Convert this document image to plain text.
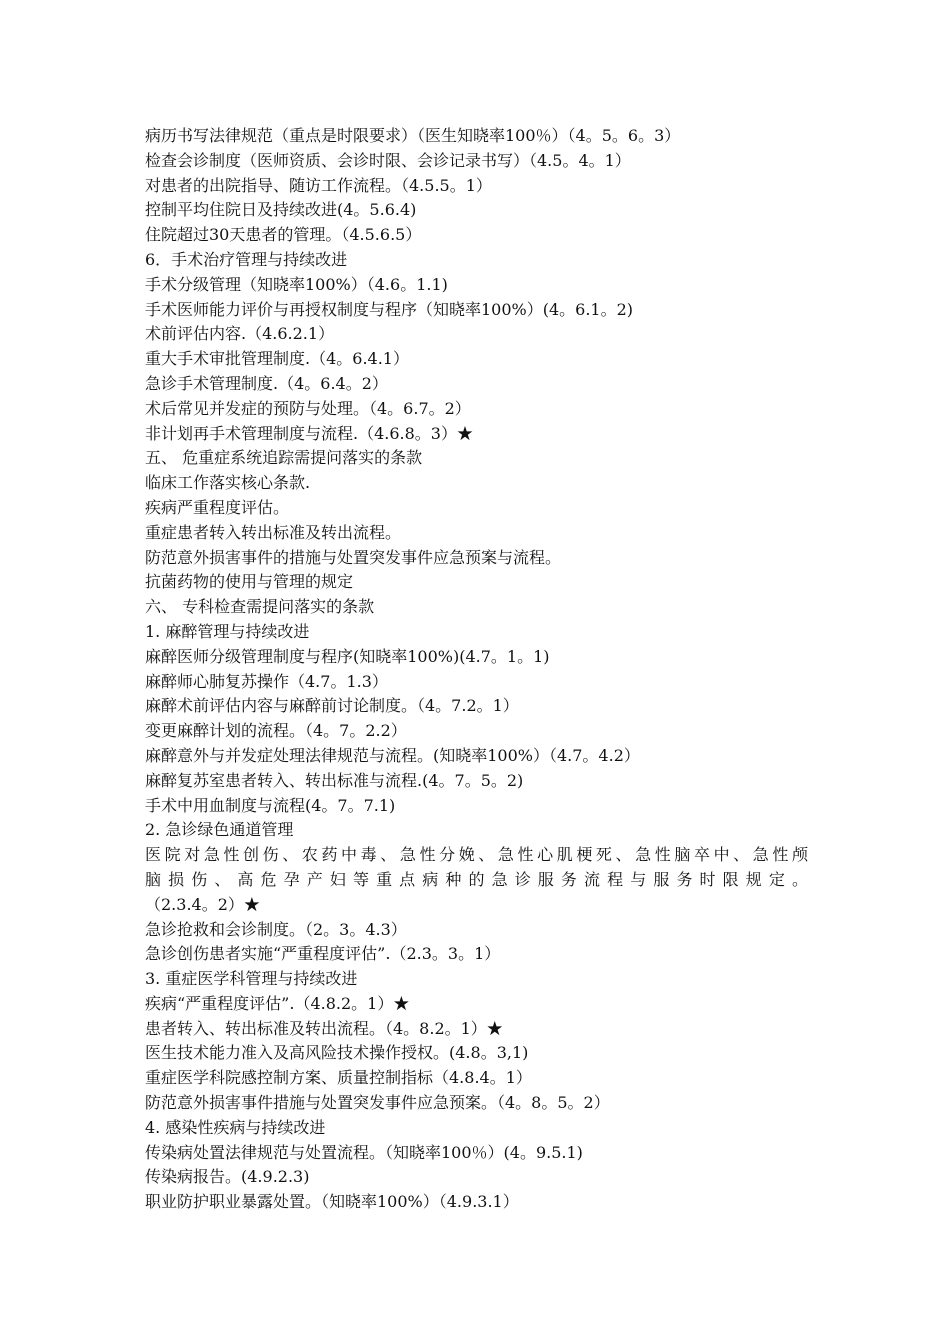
病历书写法律规范（重点是时限要求）（医生知晓率100％）（4。5。6。3）
检查会诊制度（医师资质、会诊时限、会诊记录书写）（4.5。4。1）
对患者的出院指导、随访工作流程。（4.5.5。1）
控制平均住院日及持续改进(4。5.6.4)
住院超过30天患者的管理。（4.5.6.5）
6．手术治疗管理与持续改进
手术分级管理（知晓率100%）（4.6。1.1)
手术医师能力评价与再授权制度与程序（知晓率100%）(4。6.1。2)
术前评估内容.（4.6.2.1）
重大手术审批管理制度.（4。6.4.1）
急诊手术管理制度.（4。6.4。2）
术后常见并发症的预防与处理。（4。6.7。2）
非计划再手术管理制度与流程.（4.6.8。3）★
五、 危重症系统追踪需提问落实的条款
临床工作落实核心条款.
疾病严重程度评估。
重症患者转入转出标准及转出流程。
防范意外损害事件的措施与处置突发事件应急预案与流程。
抗菌药物的使用与管理的规定
六、 专科检查需提问落实的条款
1. 麻醉管理与持续改进
麻醉医师分级管理制度与程序(知晓率100%)(4.7。1。1)
麻醉师心肺复苏操作（4.7。1.3）
麻醉术前评估内容与麻醉前讨论制度。（4。7.2。1）
变更麻醉计划的流程。（4。7。2.2）
麻醉意外与并发症处理法律规范与流程。(知晓率100%）（4.7。4.2）
麻醉复苏室患者转入、转出标准与流程.(4。7。5。2)
手术中用血制度与流程(4。7。7.1)
2. 急诊绿色通道管理
医院对急性创伤、农药中毒、急性分娩、急性心肌梗死、急性脑卒中、急性颅
脑损伤、高危孕产妇等重点病种的急诊服务流程与服务时限规定。
（2.3.4。2）★
急诊抢救和会诊制度。（2。3。4.3）
急诊创伤患者实施“严重程度评估”.（2.3。3。1）
3. 重症医学科管理与持续改进
疾病“严重程度评估”.（4.8.2。1）★
患者转入、转出标准及转出流程。（4。8.2。1）★
医生技术能力准入及高风险技术操作授权。(4.8。3,1)
重症医学科院感控制方案、质量控制指标（4.8.4。1）
防范意外损害事件措施与处置突发事件应急预案。（4。8。5。2）
4. 感染性疾病与持续改进
传染病处置法律规范与处置流程。（知晓率100％）(4。9.5.1)
传染病报告。(4.9.2.3)
职业防护职业暴露处置。（知晓率100%）（4.9.3.1）
